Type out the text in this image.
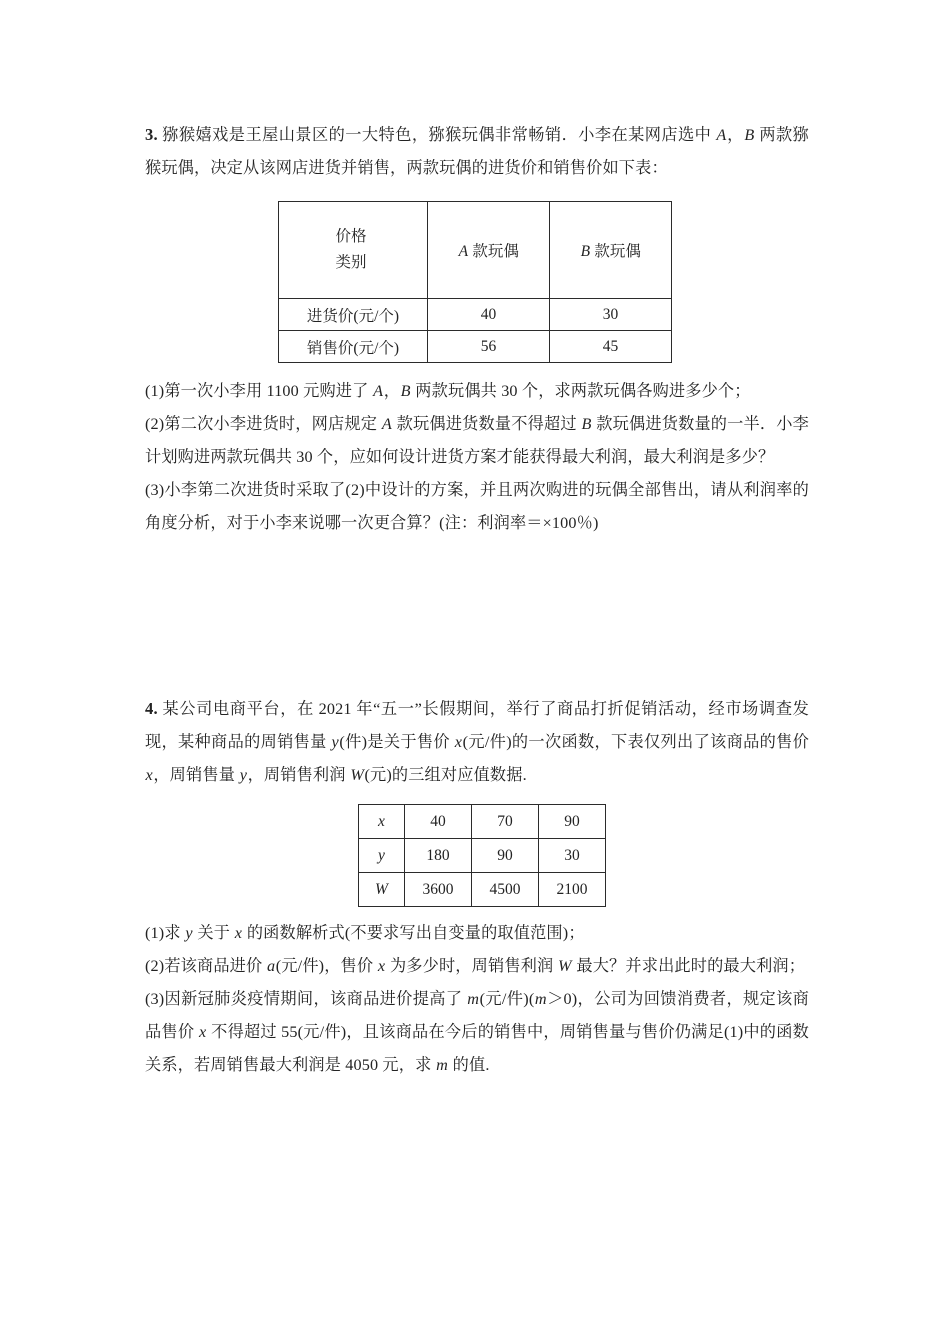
3. 猕猴嬉戏是王屋山景区的一大特色，猕猴玩偶非常畅销．小李在某网店选中 A，B 两款猕猴玩偶，决定从该网店进货并销售，两款玩偶的进货价和销售价如下表：

价格
类别	A 款玩偶	B 款玩偶
进货价(元/个)	40	30
销售价(元/个)	56	45

(1)第一次小李用 1100 元购进了 A，B 两款玩偶共 30 个，求两款玩偶各购进多少个；

(2)第二次小李进货时，网店规定 A 款玩偶进货数量不得超过 B 款玩偶进货数量的一半．小李计划购进两款玩偶共 30 个，应如何设计进货方案才能获得最大利润，最大利润是多少？

(3)小李第二次进货时采取了(2)中设计的方案，并且两次购进的玩偶全部售出，请从利润率的角度分析，对于小李来说哪一次更合算？(注：利润率＝×100％)

4. 某公司电商平台，在 2021 年“五一”长假期间，举行了商品打折促销活动，经市场调查发现，某种商品的周销售量 y(件)是关于售价 x(元/件)的一次函数，下表仅列出了该商品的售价 x，周销售量 y，周销售利润 W(元)的三组对应值数据.

x	40	70	90
y	180	90	30
W	3600	4500	2100

(1)求 y 关于 x 的函数解析式(不要求写出自变量的取值范围)；

(2)若该商品进价 a(元/件)，售价 x 为多少时，周销售利润 W 最大？并求出此时的最大利润；

(3)因新冠肺炎疫情期间，该商品进价提高了 m(元/件)(m＞0)，公司为回馈消费者，规定该商品售价 x 不得超过 55(元/件)，且该商品在今后的销售中，周销售量与售价仍满足(1)中的函数关系，若周销售最大利润是 4050 元，求 m 的值.
